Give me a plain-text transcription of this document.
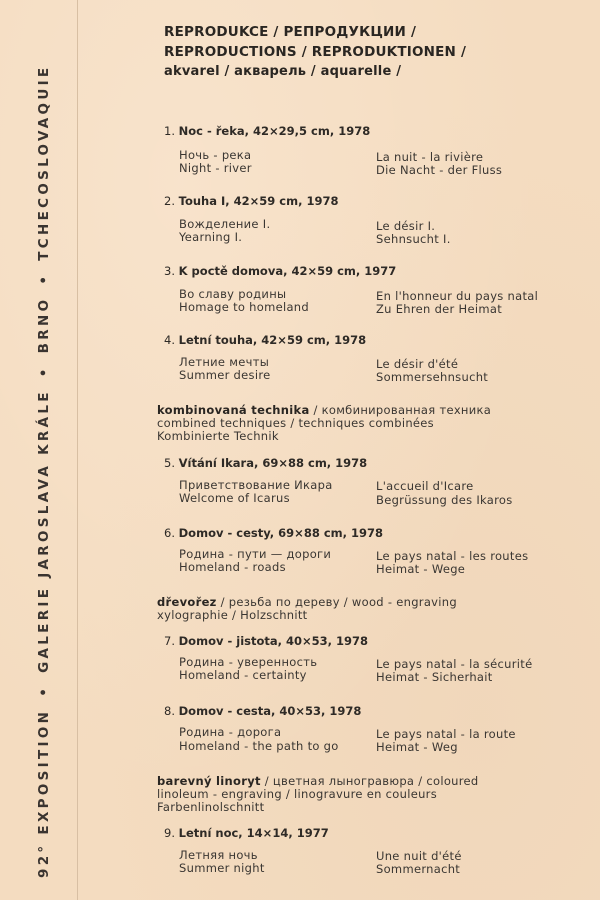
92° EXPOSITION•GALERIE JAROSLAVA KRÁLE•BRNO•TCHECOSLOVAQUIE
REPRODUKCE / РЕПРОДУКЦИИ /
REPRODUCTIONS / REPRODUKTIONEN /
akvarel / акварель / aquarelle /
1. Noc - řeka, 42×29,5 cm, 1978
Ночь - река
Night - river
La nuit - la rivière
Die Nacht - der Fluss
2. Touha I, 42×59 cm, 1978
Вожделение I.
Yearning I.
Le désir I.
Sehnsucht I.
3. K poctě domova, 42×59 cm, 1977
Во славу родины
Homage to homeland
En l'honneur du pays natal
Zu Ehren der Heimat
4. Letní touha, 42×59 cm, 1978
Летние мечты
Summer desire
Le désir d'été
Sommersehnsucht
kombinovaná technika / комбинированная техника
combined techniques / techniques combinées
Kombinierte Technik
5. Vítání Ikara, 69×88 cm, 1978
Приветствование Икара
Welcome of Icarus
L'accueil d'Icare
Begrüssung des Ikaros
6. Domov - cesty, 69×88 cm, 1978
Родина - пути — дороги
Homeland - roads
Le pays natal - les routes
Heimat - Wege
dřevořez / резьба по дереву / wood - engraving
xylographie / Holzschnitt
7. Domov - jistota, 40×53, 1978
Родина - уверенность
Homeland - certainty
Le pays natal - la sécurité
Heimat - Sicherhait
8. Domov - cesta, 40×53, 1978
Родина - дорога
Homeland - the path to go
Le pays natal - la route
Heimat - Weg
barevný linoryt / цветная лыногравюра / coloured
linoleum - engraving / linogravure en couleurs
Farbenlinolschnitt
9. Letní noc, 14×14, 1977
Летняя ночь
Summer night
Une nuit d'été
Sommernacht
